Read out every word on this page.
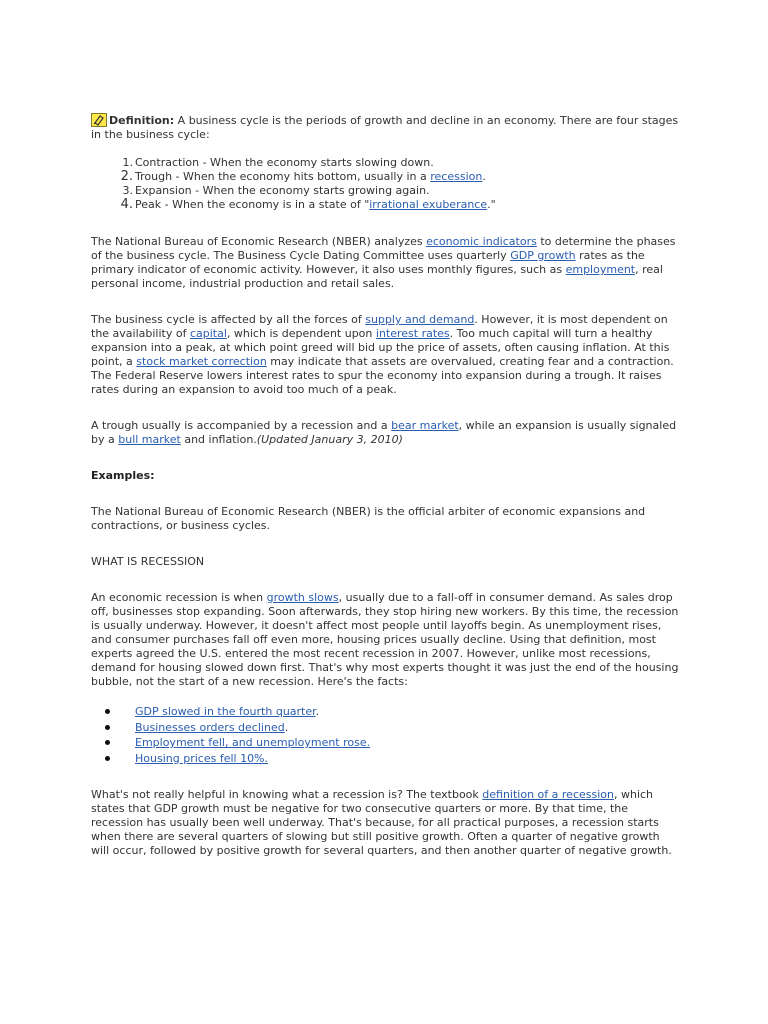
Definition: A business cycle is the periods of growth and decline in an economy. There are four stages in the business cycle:

1. Contraction - When the economy starts slowing down.
2. Trough - When the economy hits bottom, usually in a recession.
3. Expansion - When the economy starts growing again.
4. Peak - When the economy is in a state of "irrational exuberance."

The National Bureau of Economic Research (NBER) analyzes economic indicators to determine the phases of the business cycle. The Business Cycle Dating Committee uses quarterly GDP growth rates as the primary indicator of economic activity. However, it also uses monthly figures, such as employment, real personal income, industrial production and retail sales.

The business cycle is affected by all the forces of supply and demand. However, it is most dependent on the availability of capital, which is dependent upon interest rates. Too much capital will turn a healthy expansion into a peak, at which point greed will bid up the price of assets, often causing inflation. At this point, a stock market correction may indicate that assets are overvalued, creating fear and a contraction. The Federal Reserve lowers interest rates to spur the economy into expansion during a trough. It raises rates during an expansion to avoid too much of a peak.

A trough usually is accompanied by a recession and a bear market, while an expansion is usually signaled by a bull market and inflation.(Updated January 3, 2010)

Examples:

The National Bureau of Economic Research (NBER) is the official arbiter of economic expansions and contractions, or business cycles.

WHAT IS RECESSION

An economic recession is when growth slows, usually due to a fall-off in consumer demand. As sales drop off, businesses stop expanding. Soon afterwards, they stop hiring new workers. By this time, the recession is usually underway. However, it doesn't affect most people until layoffs begin. As unemployment rises, and consumer purchases fall off even more, housing prices usually decline. Using that definition, most experts agreed the U.S. entered the most recent recession in 2007. However, unlike most recessions, demand for housing slowed down first. That's why most experts thought it was just the end of the housing bubble, not the start of a new recession. Here's the facts:

GDP slowed in the fourth quarter.
Businesses orders declined.
Employment fell, and unemployment rose.
Housing prices fell 10%.

What's not really helpful in knowing what a recession is? The textbook definition of a recession, which states that GDP growth must be negative for two consecutive quarters or more. By that time, the recession has usually been well underway. That's because, for all practical purposes, a recession starts when there are several quarters of slowing but still positive growth. Often a quarter of negative growth will occur, followed by positive growth for several quarters, and then another quarter of negative growth.
